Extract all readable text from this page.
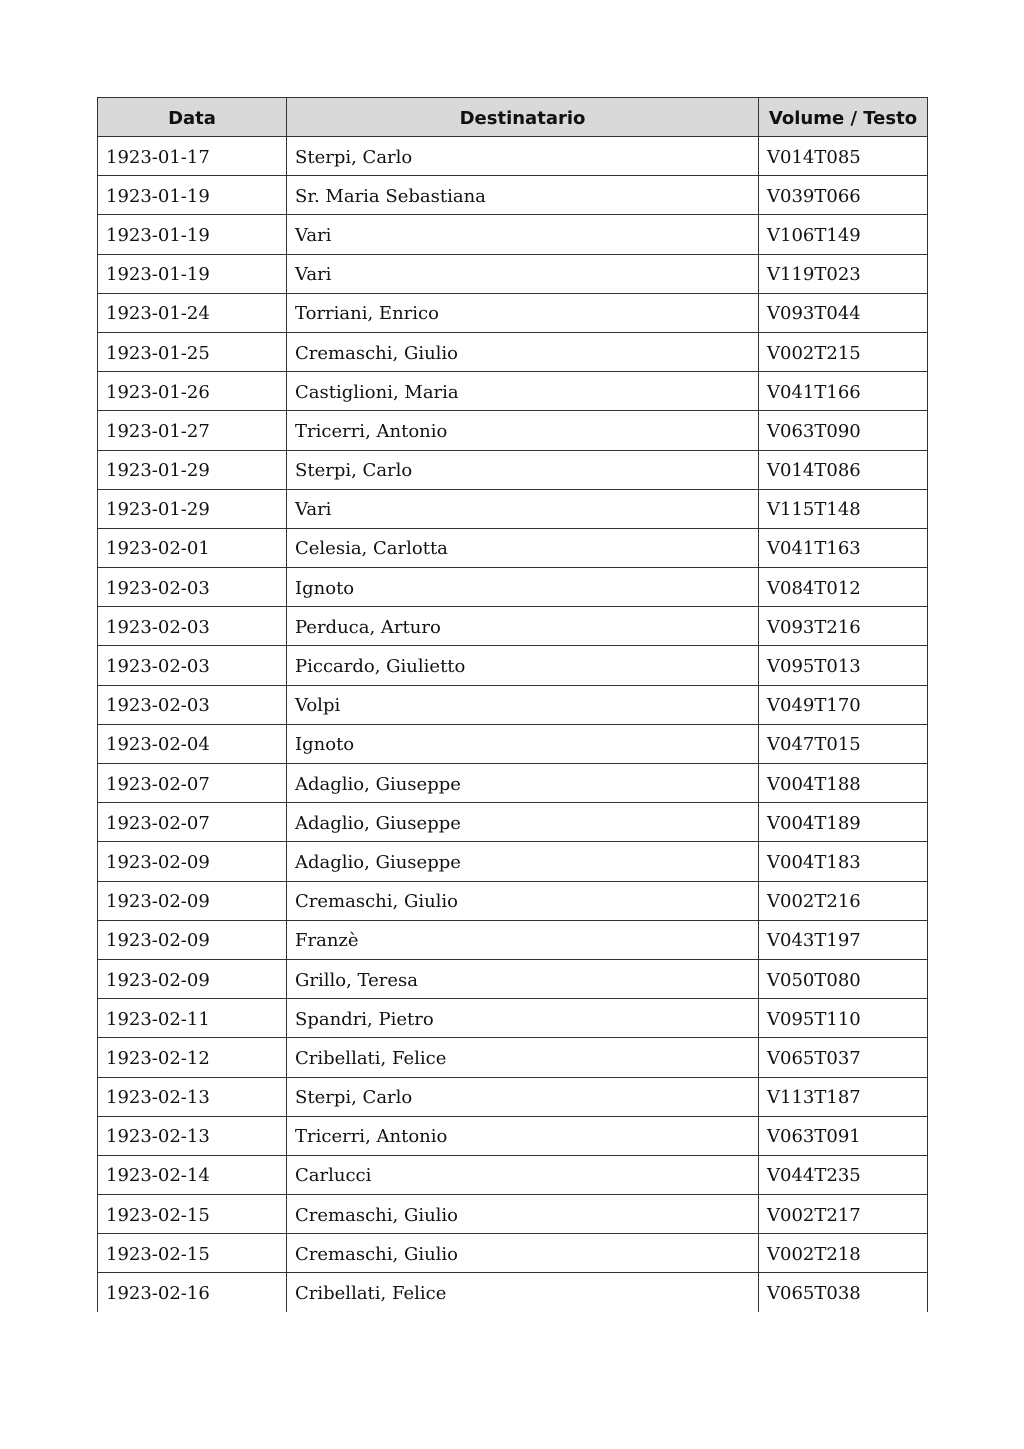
Data	Destinatario	Volume / Testo
1923-01-17	Sterpi, Carlo	V014T085
1923-01-19	Sr. Maria Sebastiana	V039T066
1923-01-19	Vari	V106T149
1923-01-19	Vari	V119T023
1923-01-24	Torriani, Enrico	V093T044
1923-01-25	Cremaschi, Giulio	V002T215
1923-01-26	Castiglioni, Maria	V041T166
1923-01-27	Tricerri, Antonio	V063T090
1923-01-29	Sterpi, Carlo	V014T086
1923-01-29	Vari	V115T148
1923-02-01	Celesia, Carlotta	V041T163
1923-02-03	Ignoto	V084T012
1923-02-03	Perduca, Arturo	V093T216
1923-02-03	Piccardo, Giulietto	V095T013
1923-02-03	Volpi	V049T170
1923-02-04	Ignoto	V047T015
1923-02-07	Adaglio, Giuseppe	V004T188
1923-02-07	Adaglio, Giuseppe	V004T189
1923-02-09	Adaglio, Giuseppe	V004T183
1923-02-09	Cremaschi, Giulio	V002T216
1923-02-09	Franzè	V043T197
1923-02-09	Grillo, Teresa	V050T080
1923-02-11	Spandri, Pietro	V095T110
1923-02-12	Cribellati, Felice	V065T037
1923-02-13	Sterpi, Carlo	V113T187
1923-02-13	Tricerri, Antonio	V063T091
1923-02-14	Carlucci	V044T235
1923-02-15	Cremaschi, Giulio	V002T217
1923-02-15	Cremaschi, Giulio	V002T218
1923-02-16	Cribellati, Felice	V065T038
